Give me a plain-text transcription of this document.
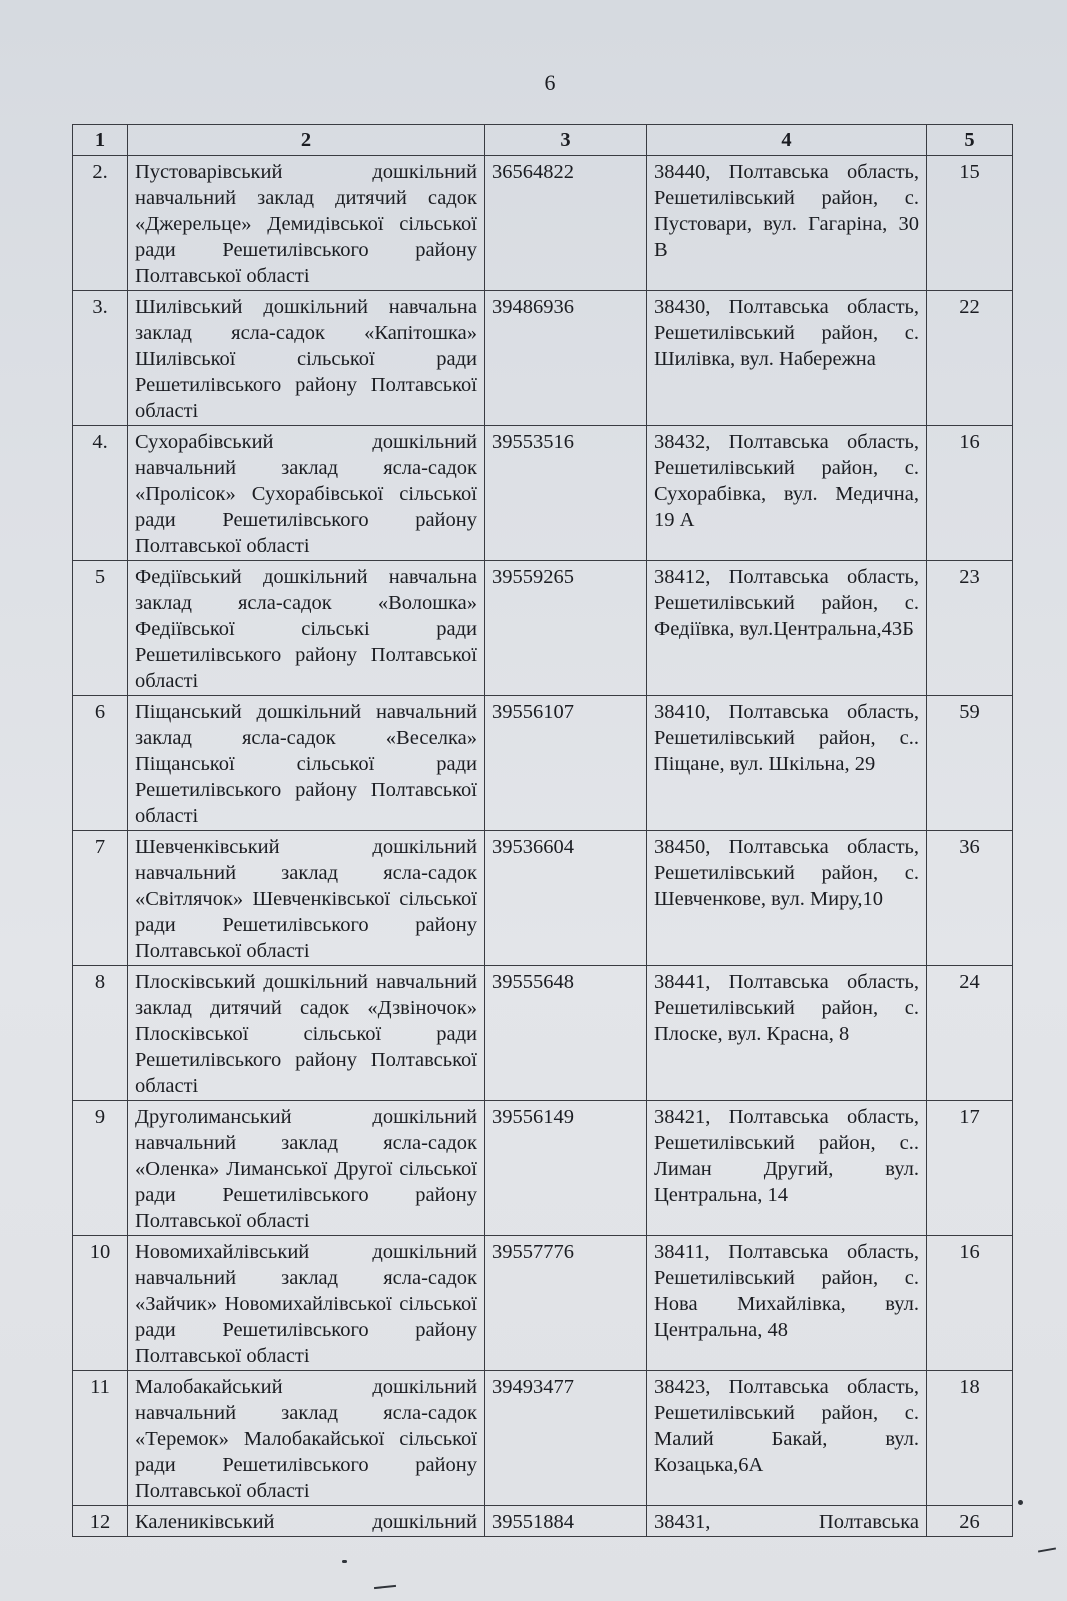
6
1	2	3	4	5
2.	Пустоварівський дошкільний навчальний заклад дитячий садок «Джерельце» Демидівської сільської ради Решетилівського району Полтавської області	36564822	38440, Полтавська область, Решетилівський район, с. Пустовари, вул. Гагаріна, 30 В	15
3.	Шилівський дошкільний навчальна заклад ясла-садок «Капітошка» Шилівської сільської ради Решетилівського району Полтавської області	39486936	38430, Полтавська область, Решетилівський район, с. Шилівка, вул. Набережна	22
4.	Сухорабівський дошкільний навчальний заклад ясла-садок «Пролісок» Сухорабівської сільської ради Решетилівського району Полтавської області	39553516	38432, Полтавська область, Решетилівський район, с. Сухорабівка, вул. Медична, 19 А	16
5	Федіївський дошкільний навчальна заклад ясла-садок «Волошка» Федіївської сільські ради Решетилівського району Полтавської області	39559265	38412, Полтавська область, Решетилівський район, с. Федіївка, вул.Центральна,43Б	23
6	Піщанський дошкільний навчальний заклад ясла-садок «Веселка» Піщанської сільської ради Решетилівського району Полтавської області	39556107	38410, Полтавська область, Решетилівський район, с.. Піщане, вул. Шкільна, 29	59
7	Шевченківський дошкільний навчальний заклад ясла-садок «Світлячок» Шевченківської сільської ради Решетилівського району Полтавської області	39536604	38450, Полтавська область, Решетилівський район, с. Шевченкове, вул. Миру,10	36
8	Плосківський дошкільний навчальний заклад дитячий садок «Дзвіночок» Плосківської сільської ради Решетилівського району Полтавської області	39555648	38441, Полтавська область, Решетилівський район, с. Плоске, вул. Красна, 8	24
9	Друголиманський дошкільний навчальний заклад ясла-садок «Оленка» Лиманської Другої сільської ради Решетилівського району Полтавської області	39556149	38421, Полтавська область, Решетилівський район, с.. Лиман Другий, вул. Центральна, 14	17
10	Новомихайлівський дошкільний навчальний заклад ясла-садок «Зайчик» Новомихайлівської сільської ради Решетилівського району Полтавської області	39557776	38411, Полтавська область, Решетилівський район, с. Нова Михайлівка, вул. Центральна, 48	16
11	Малобакайський дошкільний навчальний заклад ясла-садок «Теремок» Малобакайської сільської ради Решетилівського району Полтавської області	39493477	38423, Полтавська область, Решетилівський район, с. Малий Бакай, вул. Козацька,6А	18
12	Калениківський дошкільний	39551884	38431, Полтавська	26
